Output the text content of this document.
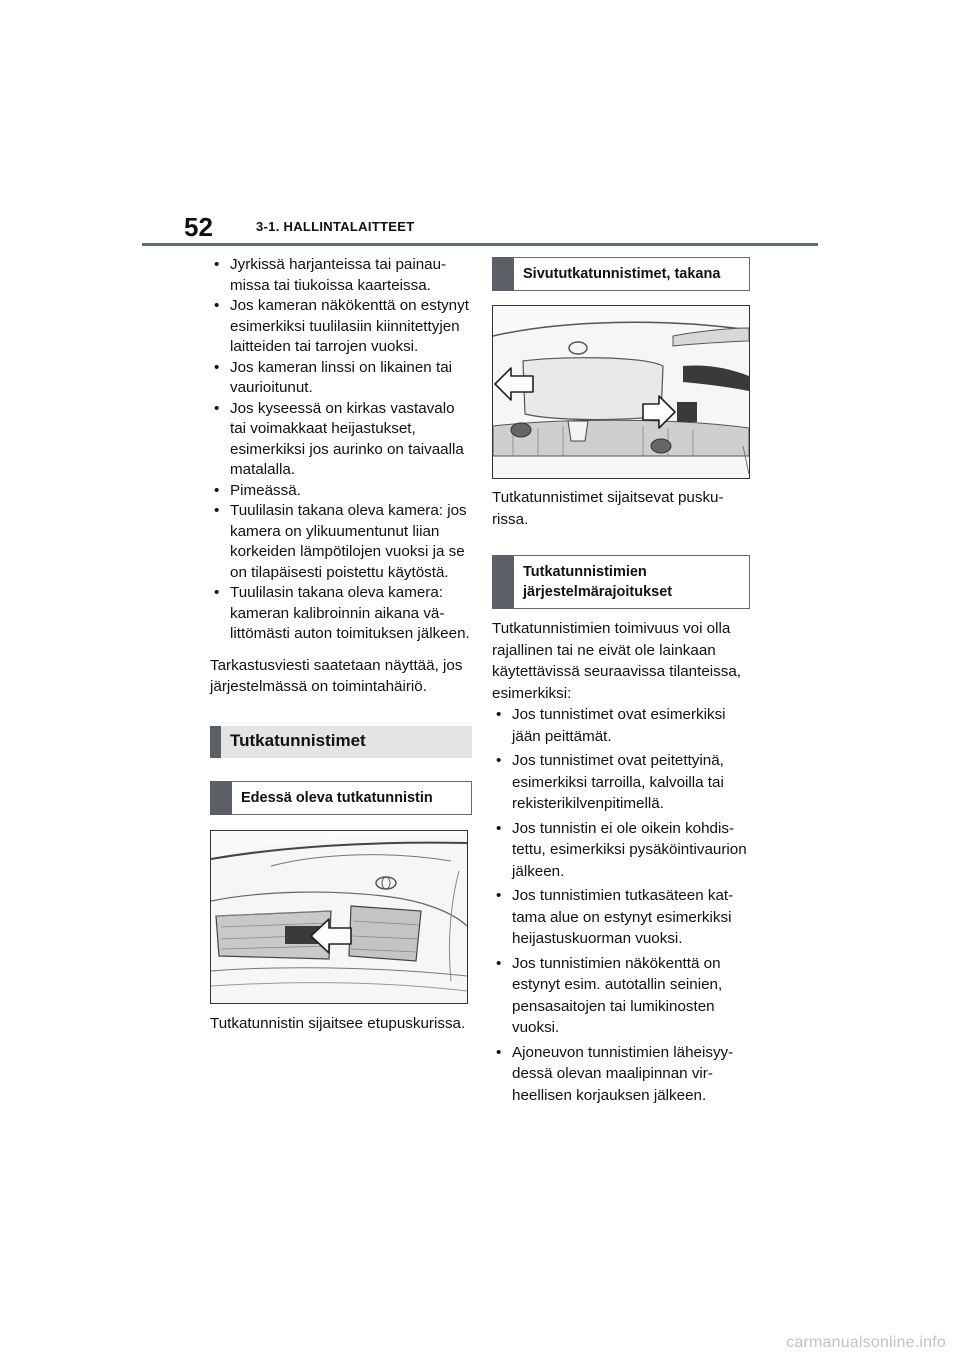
52	3-1. HALLINTALAITTEET
• Jyrkissä harjanteissa tai painaumissa tai tiukoissa kaarteissa.
• Jos kameran näkökenttä on estynyt esimerkiksi tuulilasiin kiinnitettyjen laitteiden tai tarrojen vuoksi.
• Jos kameran linssi on likainen tai vaurioitunut.
• Jos kyseessä on kirkas vastavalo tai voimakkaat heijastukset, esimerkiksi jos aurinko on taivaalla matalalla.
• Pimeässä.
• Tuulilasin takana oleva kamera: jos kamera on ylikuumentunut liian korkeiden lämpötilojen vuoksi ja se on tilapäisesti poistettu käytöstä.
• Tuulilasin takana oleva kamera: kameran kalibroinnin aikana välittömästi auton toimituksen jälkeen.

Tarkastusviesti saatetaan näyttää, jos järjestelmässä on toimintahäiriö.

Tutkatunnistimet
Edessä oleva tutkatunnistin

Tutkatunnistin sijaitsee etupuskurissa.

Sivututkatunnistimet, takana

Tutkatunnistimet sijaitsevat puskurissa.

Tutkatunnistimien järjestelmärajoitukset

Tutkatunnistimien toimivuus voi olla rajallinen tai ne eivät ole lainkaan käytettävissä seuraavissa tilanteissa, esimerkiksi:

• Jos tunnistimet ovat esimerkiksi jään peittämät.
• Jos tunnistimet ovat peitettyinä, esimerkiksi tarroilla, kalvoilla tai rekisterikilvenpitimellä.
• Jos tunnistin ei ole oikein kohdistettu, esimerkiksi pysäköintivaurion jälkeen.
• Jos tunnistimien tutkasäteen kattama alue on estynyt esimerkiksi heijastuskuorman vuoksi.
• Jos tunnistimien näkökenttä on estynyt esim. autotallin seinien, pensasaitojen tai lumikinosten vuoksi.
• Ajoneuvon tunnistimien läheisyydessä olevan maalipinnan virheellisen korjauksen jälkeen.
carmanualsonline.info
